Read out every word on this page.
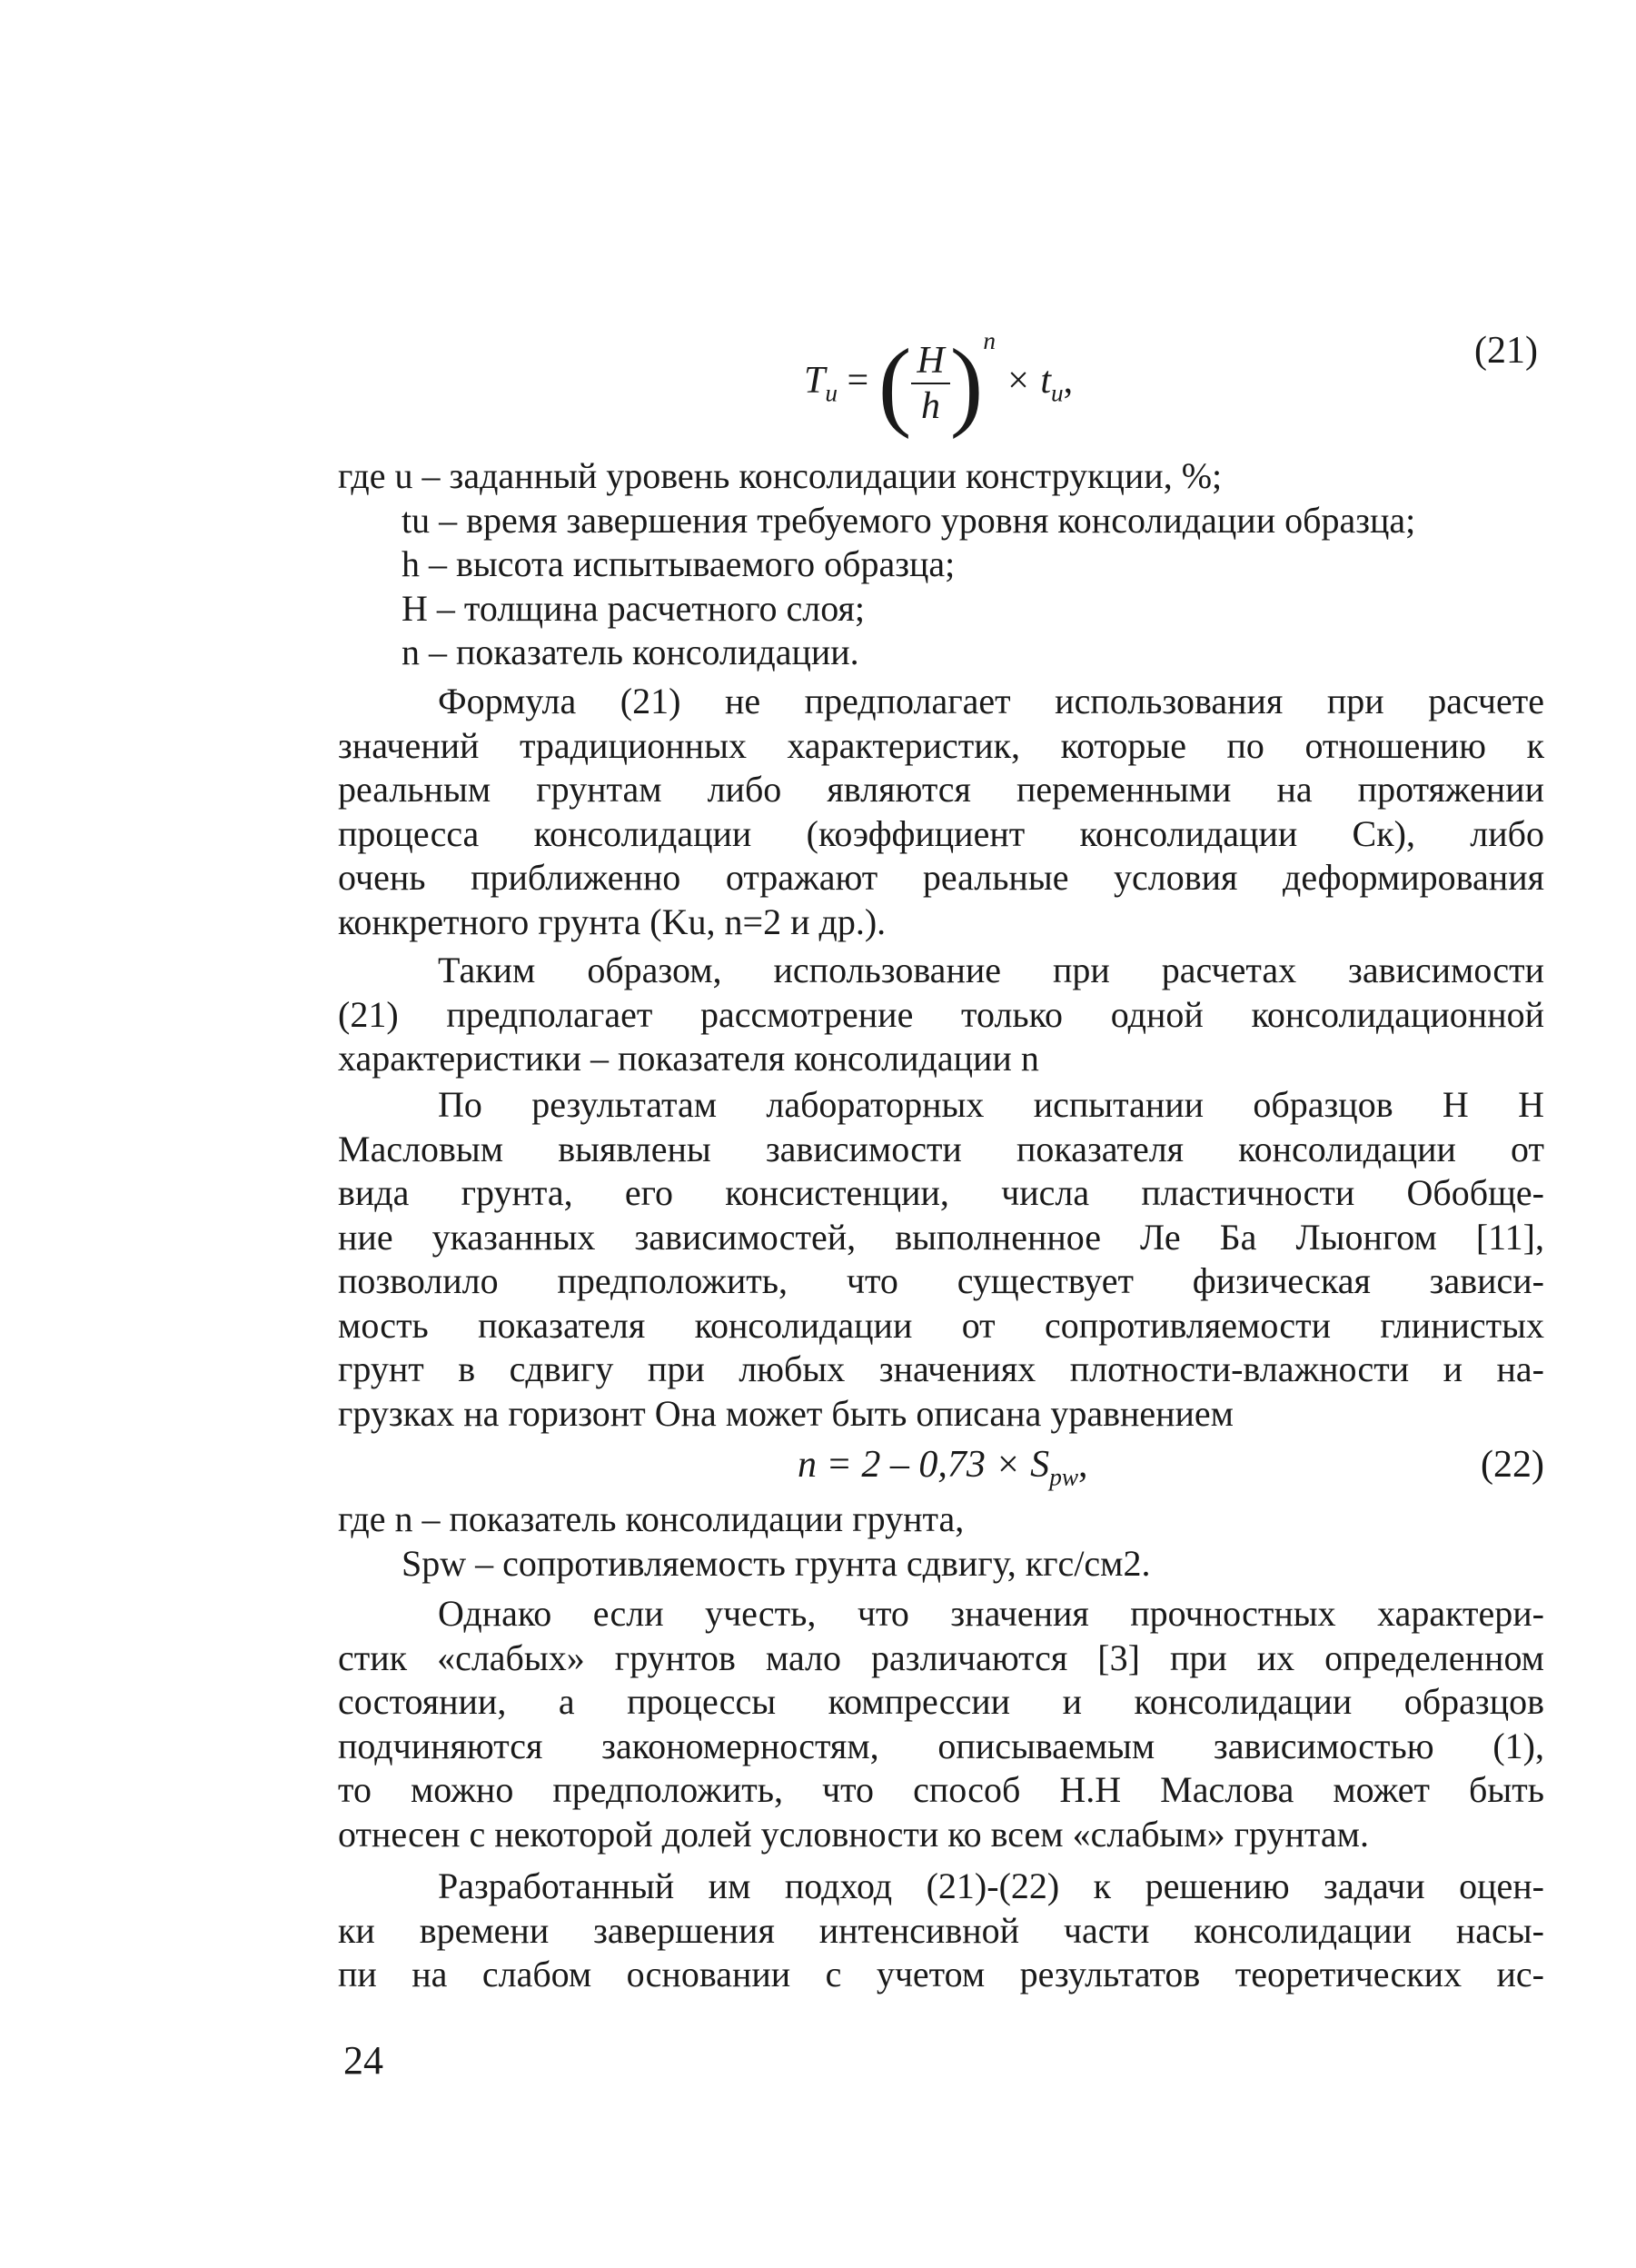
$T_u$ = ( $\frac{H}{h} )^n \times t_u$,
(21)
где u – заданный уровень консолидации конструкции, %;
tu – время завершения требуемого уровня консолидации образца;
h – высота испытываемого образца;
H – толщина расчетного слоя;
n – показатель консолидации.
Формула (21) не предполагает использования при расчете
значений традиционных характеристик, которые по отношению к
реальным грунтам либо являются переменными на протяжении
процесса консолидации (коэффициент консолидации Cк), либо
очень приближенно отражают реальные условия деформирования
конкретного грунта (Ku, n=2 и др.).
Таким образом, использование при расчетах зависимости
(21) предполагает рассмотрение только одной консолидационной
характеристики – показателя консолидации n
По результатам лабораторных испытании образцов Н Н
Масловым выявлены зависимости показателя консолидации от
вида грунта, его консистенции, числа пластичности Обобще-
ние указанных зависимостей, выполненное Ле Ба Лыонгом [11],
позволило предположить, что существует физическая зависи-
мость показателя консолидации от сопротивляемости глинистых
грунт в сдвигу при любых значениях плотности-влажности и на-
грузках на горизонт Она может быть описана уравнением
$n = 2 - 0,73 \times S_{pw}$,	(22)
где n – показатель консолидации грунта,
Spw – сопротивляемость грунта сдвигу, кгс/см2.
Однако если учесть, что значения прочностных характери-
стик «слабых» грунтов мало различаются [3] при их определенном
состоянии, а процессы компрессии и консолидации образцов
подчиняются закономерностям, описываемым зависимостью (1),
то можно предположить, что способ Н.Н Маслова может быть
отнесен с некоторой долей условности ко всем «слабым» грунтам.
Разработанный им подход (21)-(22) к решению задачи оцен-
ки времени завершения интенсивной части консолидации насы-
пи на слабом основании с учетом результатов теоретических ис-
24
